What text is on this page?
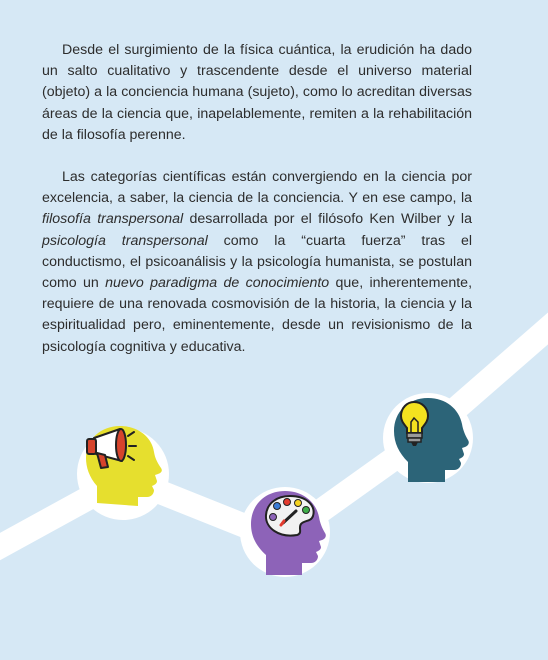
Desde el surgimiento de la física cuántica, la erudición ha dado un salto cualitativo y trascendente desde el universo material (objeto) a la conciencia humana (sujeto), como lo acreditan diversas áreas de la ciencia que, inapelablemente, remiten a la rehabilitación de la filosofía perenne.

Las categorías científicas están convergiendo en la ciencia por excelencia, a saber, la ciencia de la conciencia. Y en ese campo, la filosofía transpersonal desarrollada por el filósofo Ken Wilber y la psicología transpersonal como la “cuarta fuerza” tras el conductismo, el psicoanálisis y la psicología humanista, se postulan como un nuevo paradigma de conocimiento que, inherentemente, requiere de una renovada cosmovisión de la historia, la ciencia y la espiritualidad pero, eminentemente, desde un revisionismo de la psicología cognitiva y educativa.
